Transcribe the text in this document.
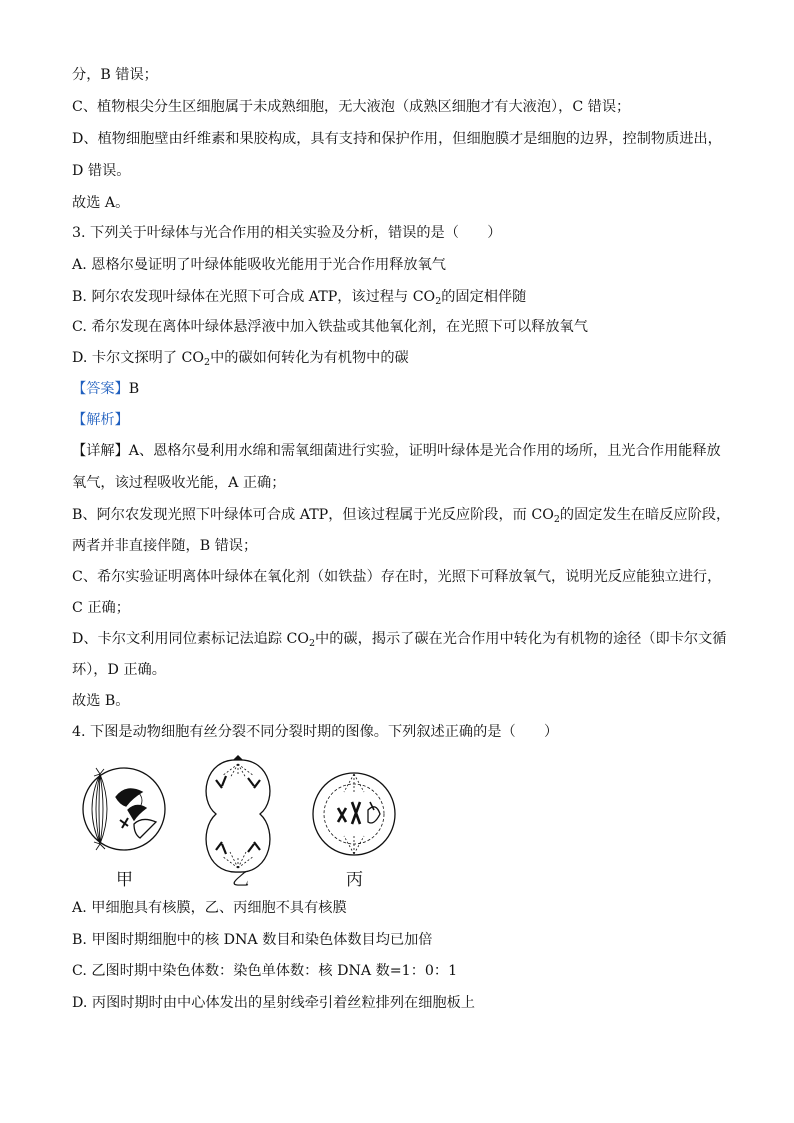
分，B 错误；
C、植物根尖分生区细胞属于未成熟细胞，无大液泡（成熟区细胞才有大液泡），C 错误；
D、植物细胞壁由纤维素和果胶构成，具有支持和保护作用，但细胞膜才是细胞的边界，控制物质进出，
D 错误。
故选 A。
3. 下列关于叶绿体与光合作用的相关实验及分析，错误的是（　　）
A. 恩格尔曼证明了叶绿体能吸收光能用于光合作用释放氧气
B. 阿尔农发现叶绿体在光照下可合成 ATP，该过程与 $CO_2$的固定相伴随
C. 希尔发现在离体叶绿体悬浮液中加入铁盐或其他氧化剂，在光照下可以释放氧气
D. 卡尔文探明了 $CO_2$中的碳如何转化为有机物中的碳
【答案】B
【解析】
【详解】A、恩格尔曼利用水绵和需氧细菌进行实验，证明叶绿体是光合作用的场所，且光合作用能释放
氧气，该过程吸收光能，A 正确；
B、阿尔农发现光照下叶绿体可合成 ATP，但该过程属于光反应阶段，而 $CO_2$的固定发生在暗反应阶段，
两者并非直接伴随，B 错误；
C、希尔实验证明离体叶绿体在氧化剂（如铁盐）存在时，光照下可释放氧气，说明光反应能独立进行，
C 正确；
D、卡尔文利用同位素标记法追踪 $CO_2$中的碳，揭示了碳在光合作用中转化为有机物的途径（即卡尔文循
环），D 正确。
故选 B。
4. 下图是动物细胞有丝分裂不同分裂时期的图像。下列叙述正确的是（　　）
甲	乙	丙
A. 甲细胞具有核膜，乙、丙细胞不具有核膜
B. 甲图时期细胞中的核 DNA 数目和染色体数目均已加倍
C. 乙图时期中染色体数：染色单体数：核 DNA 数=1：0：1
D. 丙图时期时由中心体发出的星射线牵引着丝粒排列在细胞板上
